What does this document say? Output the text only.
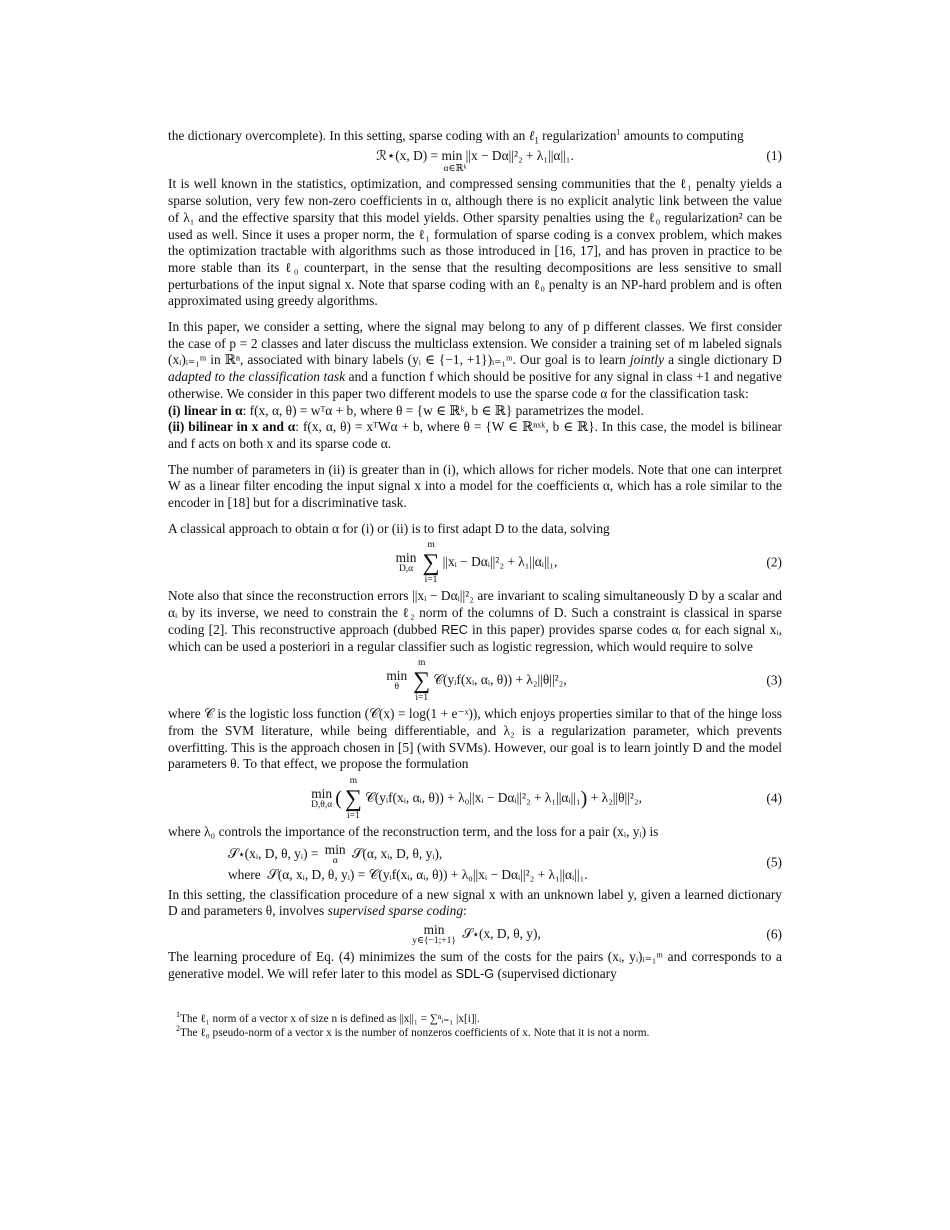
the dictionary overcomplete). In this setting, sparse coding with an ℓ$_1$ regularization$^1$ amounts to computing

ℛ⋆(x, D) = min ||x − Dα||²₂ + λ₁||α||₁.
α∈ℝᵏ
(1)

It is well known in the statistics, optimization, and compressed sensing communities that the ℓ₁ penalty yields a sparse solution, very few non-zero coefficients in α, although there is no explicit analytic link between the value of λ₁ and the effective sparsity that this model yields. Other sparsity penalties using the ℓ₀ regularization² can be used as well. Since it uses a proper norm, the ℓ₁ formulation of sparse coding is a convex problem, which makes the optimization tractable with algorithms such as those introduced in [16, 17], and has proven in practice to be more stable than its ℓ₀ counterpart, in the sense that the resulting decompositions are less sensitive to small perturbations of the input signal x. Note that sparse coding with an ℓ₀ penalty is an NP-hard problem and is often approximated using greedy algorithms.

In this paper, we consider a setting, where the signal may belong to any of p different classes. We first consider the case of p = 2 classes and later discuss the multiclass extension. We consider a training set of m labeled signals (xᵢ)ᵢ₌₁ᵐ in ℝⁿ, associated with binary labels (yᵢ ∈ {−1, +1})ᵢ₌₁ᵐ. Our goal is to learn jointly a single dictionary D adapted to the classification task and a function f which should be positive for any signal in class +1 and negative otherwise. We consider in this paper two different models to use the sparse code α for the classification task:

(i) linear in α: f(x, α, θ) = wᵀα + b, where θ = {w ∈ ℝᵏ, b ∈ ℝ} parametrizes the model.

(ii) bilinear in x and α: f(x, α, θ) = xᵀWα + b, where θ = {W ∈ ℝⁿˣᵏ, b ∈ ℝ}. In this case, the model is bilinear and f acts on both x and its sparse code α.

The number of parameters in (ii) is greater than in (i), which allows for richer models. Note that one can interpret W as a linear filter encoding the input signal x into a model for the coefficients α, which has a role similar to the encoder in [18] but for a discriminative task.

A classical approach to obtain α for (i) or (ii) is to first adapt D to the data, solving

min
D,α
m
∑
i=1
||xᵢ − Dαᵢ||²₂ + λ₁||αᵢ||₁,	(2)

Note also that since the reconstruction errors ||xᵢ − Dαᵢ||²₂ are invariant to scaling simultaneously D by a scalar and αᵢ by its inverse, we need to constrain the ℓ₂ norm of the columns of D. Such a constraint is classical in sparse coding [2]. This reconstructive approach (dubbed REC in this paper) provides sparse codes αᵢ for each signal xᵢ, which can be used a posteriori in a regular classifier such as logistic regression, which would require to solve

min
θ
m
∑
i=1
𝒞(yᵢf(xᵢ, αᵢ, θ)) + λ₂||θ||²₂,	(3)

where 𝒞 is the logistic loss function (𝒞(x) = log(1 + e⁻ˣ)), which enjoys properties similar to that of the hinge loss from the SVM literature, while being differentiable, and λ₂ is a regularization parameter, which prevents overfitting. This is the approach chosen in [5] (with SVMs). However, our goal is to learn jointly D and the model parameters θ. To that effect, we propose the formulation

min
D,θ,α (
m
∑
i=1
𝒞(yᵢf(xᵢ, αᵢ, θ)) + λ₀||xᵢ − Dαᵢ||²₂ + λ₁||αᵢ||₁) + λ₂||θ||²₂,	(4)

where λ₀ controls the importance of the reconstruction term, and the loss for a pair (xᵢ, yᵢ) is

𝒮⋆(xᵢ, D, θ, yᵢ) = min
α	𝒮(α, xᵢ, D, θ, yᵢ),
where 𝒮(α, xᵢ, D, θ, yᵢ) = 𝒞(yᵢf(xᵢ, αᵢ, θ)) + λ₀||xᵢ − Dαᵢ||²₂ + λ₁||αᵢ||₁.
(5)

In this setting, the classification procedure of a new signal x with an unknown label y, given a learned dictionary D and parameters θ, involves supervised sparse coding:

min
y∈{−1;+1} 𝒮⋆(x, D, θ, y),	(6)

The learning procedure of Eq. (4) minimizes the sum of the costs for the pairs (xᵢ, yᵢ)ᵢ₌₁ᵐ and corresponds to a generative model. We will refer later to this model as SDL-G (supervised dictionary

$^1$The ℓ₁ norm of a vector x of size n is defined as ||x||₁ = ∑ⁿᵢ₌₁ |x[i]|.

$^2$The ℓ₀ pseudo-norm of a vector x is the number of nonzeros coefficients of x. Note that it is not a norm.
